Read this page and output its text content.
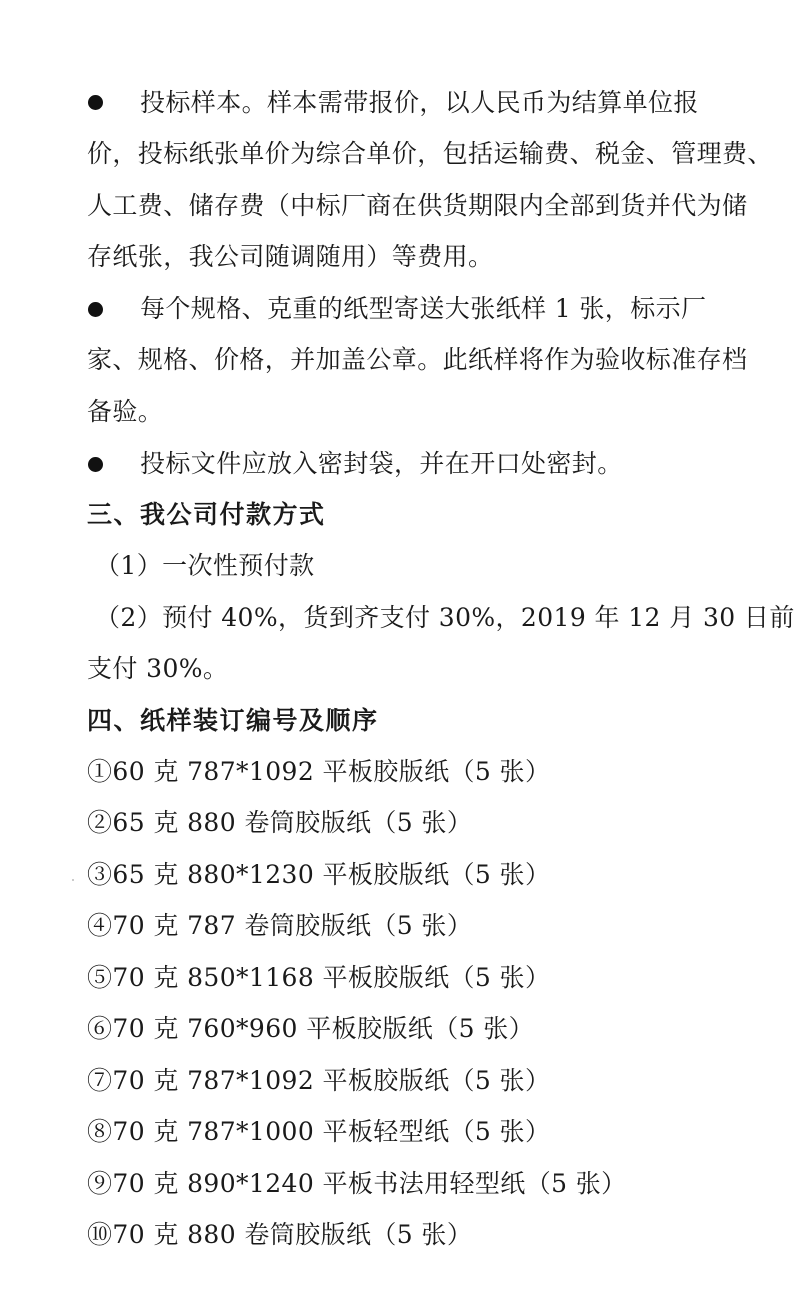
投标样本。样本需带报价，以人民币为结算单位报
价，投标纸张单价为综合单价，包括运输费、税金、管理费、
人工费、储存费（中标厂商在供货期限内全部到货并代为储
存纸张，我公司随调随用）等费用。
每个规格、克重的纸型寄送大张纸样 1 张，标示厂
家、规格、价格，并加盖公章。此纸样将作为验收标准存档
备验。
投标文件应放入密封袋，并在开口处密封。
三、我公司付款方式
（1）一次性预付款
（2）预付 40%，货到齐支付 30%，2019 年 12 月 30 日前
支付 30%。
四、纸样装订编号及顺序
①60 克 787*1092 平板胶版纸（5 张）
②65 克 880 卷筒胶版纸（5 张）
③65 克 880*1230 平板胶版纸（5 张）
④70 克 787 卷筒胶版纸（5 张）
⑤70 克 850*1168 平板胶版纸（5 张）
⑥70 克 760*960 平板胶版纸（5 张）
⑦70 克 787*1092 平板胶版纸（5 张）
⑧70 克 787*1000 平板轻型纸（5 张）
⑨70 克 890*1240 平板书法用轻型纸（5 张）
⑩70 克 880 卷筒胶版纸（5 张）
